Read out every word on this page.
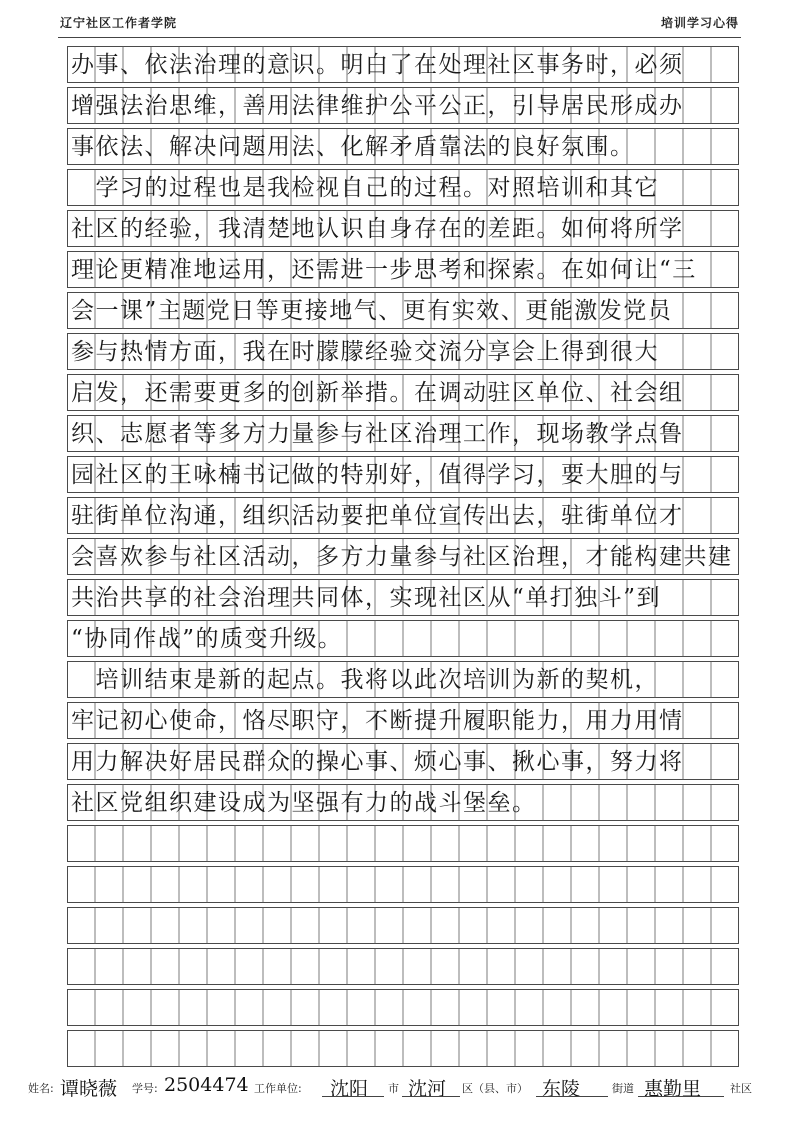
辽宁社区工作者学院	培训学习心得
办事、依法治理的意识。明白了在处理社区事务时，必须
增强法治思维，善用法律维护公平公正，引导居民形成办
事依法、解决问题用法、化解矛盾靠法的良好氛围。
　学习的过程也是我检视自己的过程。对照培训和其它
社区的经验，我清楚地认识自身存在的差距。如何将所学
理论更精准地运用，还需进一步思考和探索。在如何让“三
会一课”主题党日等更接地气、更有实效、更能激发党员
参与热情方面，我在时朦朦经验交流分享会上得到很大
启发，还需要更多的创新举措。在调动驻区单位、社会组
织、志愿者等多方力量参与社区治理工作，现场教学点鲁
园社区的王咏楠书记做的特别好，值得学习，要大胆的与
驻街单位沟通，组织活动要把单位宣传出去，驻街单位才
会喜欢参与社区活动，多方力量参与社区治理，才能构建共建
共治共享的社会治理共同体，实现社区从“单打独斗”到
“协同作战”的质变升级。
　培训结束是新的起点。我将以此次培训为新的契机，
牢记初心使命，恪尽职守，不断提升履职能力，用力用情
用力解决好居民群众的操心事、烦心事、揪心事，努力将
社区党组织建设成为坚强有力的战斗堡垒。
姓名: 谭晓薇 学号: 2504474 工作单位: 沈阳 市 沈河 区（县、市） 东陵	街道 惠勤里	社区
